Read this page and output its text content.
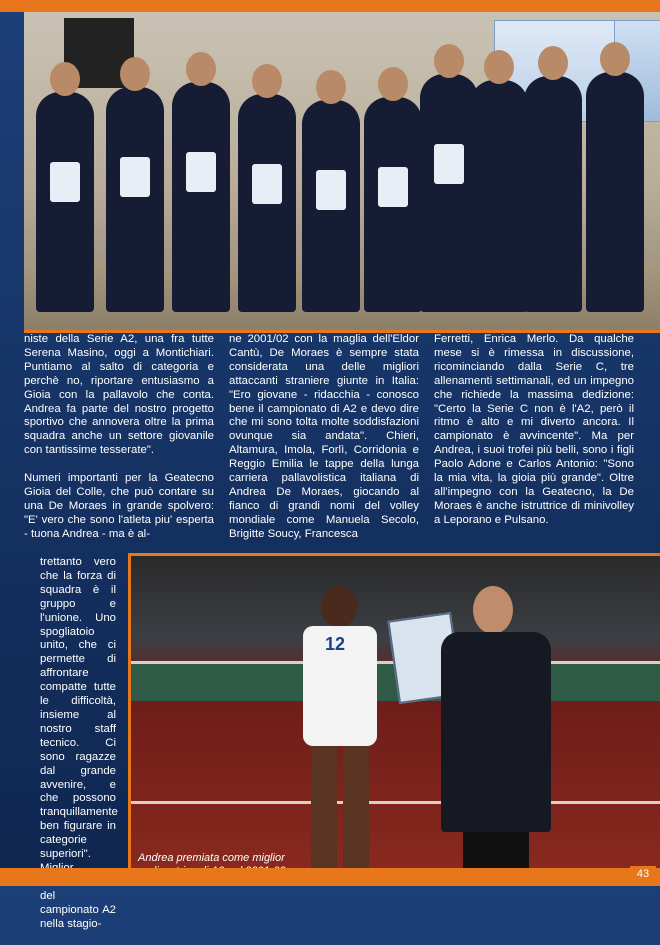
niste della Serie A2, una fra tutte Serena Masino, oggi a Montichiari. Puntiamo al salto di categoria e perchè no, riportare entusiasmo a Gioia con la pallavolo che conta. Andrea fa parte del nostro progetto sportivo che annovera oltre la prima squadra anche un settore giovanile con tantissime tesserate".

Numeri importanti per la Geatecno Gioia del Colle, che può contare su una De Moraes in grande spolvero: "E' vero che sono l'atleta piu' esperta - tuona Andrea - ma è al-

trettanto vero che la forza di squadra è il gruppo e l'unione. Uno spogliatoio unito, che ci permette di affrontare compatte tutte le difficoltà, insieme al nostro staff tecnico. Ci sono ragazze dal grande avvenire, e che possono tranquillamente ben figurare in categorie superiori". del campionato A2 nella stagio-

ne 2001/02 con la maglia dell'Eldor Cantù, De Moraes è sempre stata considerata una delle migliori attaccanti straniere giunte in Italia: "Ero giovane - ridacchia - conosco bene il campionato di A2 e devo dire che mi sono tolta molte soddisfazioni ovunque sia andata". Chieri, Altamura, Imola, Forlì, Corridonia e Reggio Emilia le tappe della lunga carriera pallavolistica italiana di Andrea De Moraes, giocando al fianco di grandi nomi del volley mondiale come Manuela Secolo, Brigitte Soucy, Francesca

Ferretti, Enrica Merlo. Da qualche mese si è rimessa in discussione, ricominciando dalla Serie C, tre allenamenti settimanali, ed un impegno che richiede la massima dedizione: "Certo la Serie C non è l'A2, però il ritmo è alto e mi diverto ancora. Il campionato è avvincente". Ma per Andrea, i suoi trofei più belli, sono i figli Paolo Adone e Carlos Antonio: "Sono la mia vita, la gioia più grande". Oltre all'impegno con la Geatecno, la De Moraes è anche istruttrice di minivolley a Leporano e Pulsano.

12
Andrea premiata come miglior
43
